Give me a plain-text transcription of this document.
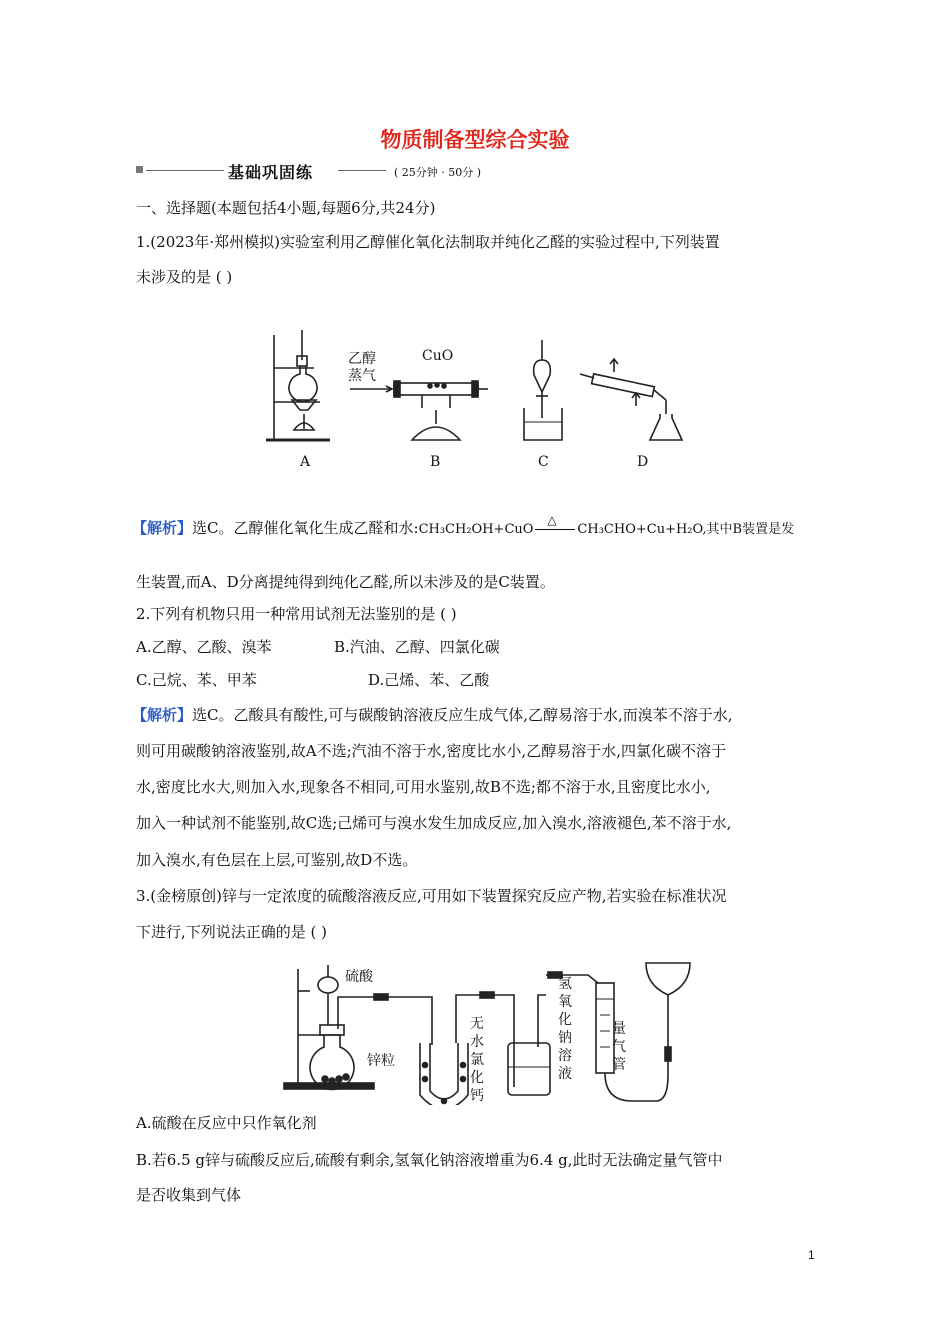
物质制备型综合实验
基础巩固练	( 25分钟 · 50分 )
一、选择题(本题包括4小题,每题6分,共24分)
1.(2023年·郑州模拟)实验室利用乙醇催化氧化法制取并纯化乙醛的实验过程中,下列装置
未涉及的是 ( )
乙醇
蒸气
CuO
A	B	C	D
【解析】选C。乙醇催化氧化生成乙醛和水:CH₃CH₂OH+CuO
△
CH₃CHO+Cu+H₂O,其中B装置是发
生装置,而A、D分离提纯得到纯化乙醛,所以未涉及的是C装置。
2.下列有机物只用一种常用试剂无法鉴别的是 ( )
A.乙醇、乙酸、溴苯	B.汽油、乙醇、四氯化碳
C.己烷、苯、甲苯	D.己烯、苯、乙酸
【解析】选C。乙酸具有酸性,可与碳酸钠溶液反应生成气体,乙醇易溶于水,而溴苯不溶于水,
则可用碳酸钠溶液鉴别,故A不选;汽油不溶于水,密度比水小,乙醇易溶于水,四氯化碳不溶于
水,密度比水大,则加入水,现象各不相同,可用水鉴别,故B不选;都不溶于水,且密度比水小,
加入一种试剂不能鉴别,故C选;己烯可与溴水发生加成反应,加入溴水,溶液褪色,苯不溶于水,
加入溴水,有色层在上层,可鉴别,故D不选。
3.(金榜原创)锌与一定浓度的硫酸溶液反应,可用如下装置探究反应产物,若实验在标准状况
下进行,下列说法正确的是 ( )
硫酸
锌粒
无
水
氯
化
钙
氢
氧
化
钠
溶
液
量
气
管
A.硫酸在反应中只作氧化剂
B.若6.5 g锌与硫酸反应后,硫酸有剩余,氢氧化钠溶液增重为6.4 g,此时无法确定量气管中
是否收集到气体
1
